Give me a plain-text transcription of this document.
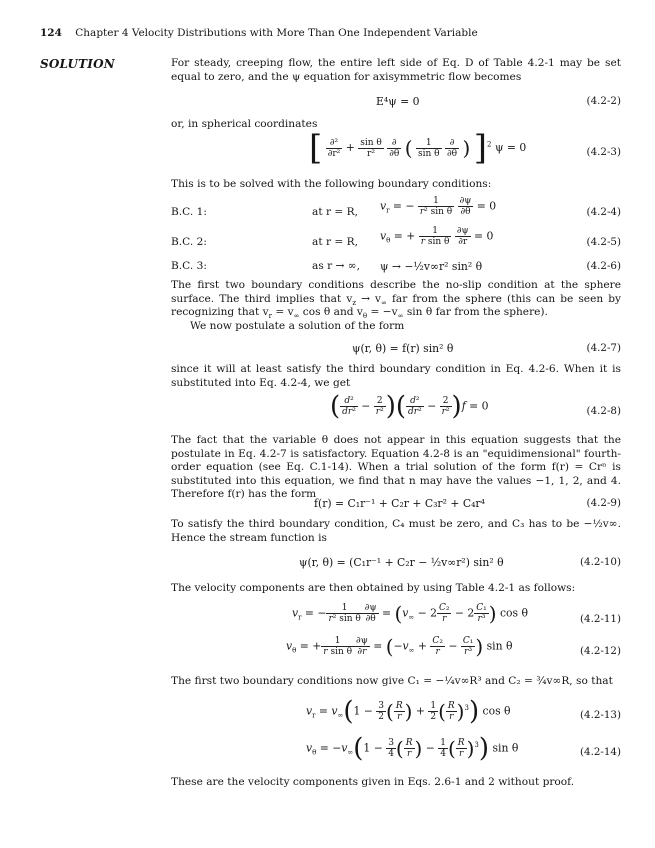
124 Chapter 4 Velocity Distributions with More Than One Independent Variable
SOLUTION	For steady, creeping flow, the entire left side of Eq. D of Table 4.2-1 may be set equal to zero, and the ψ equation for axisymmetric flow becomes
E⁴ψ = 0	(4.2-2)
or, in spherical coordinates
[ $\frac{\text{∂²}}{\text{∂r²}} + \frac{\text{sin θ}}{\text{r²}}$
$\frac{\partial}{\partial\theta}$ ( $\frac{1}{\text{sin θ}}$
$\frac{\partial}{\partial\theta}$ ) ]$^2$ ψ = 0	(4.2-3)
This is to be solved with the following boundary conditions:
B.C. 1:	at r = R, $v_r$ = − $\frac{1}{\text{r² sin θ}}$
$\frac{\partial\psi}{\partial\theta} = 0$	(4.2-4)
B.C. 2:	at r = R, $v_\theta$ = + $\frac{1}{\text{r sin θ}}$
$\frac{\partial\psi}{\partial r} = 0$	(4.2-5)
B.C. 3:	as r → ∞, ψ → −½v∞r² sin² θ	(4.2-6)
The first two boundary conditions describe the no-slip condition at the sphere surface. The third implies that $v_z \to v_\infty$ far from the sphere (this can be seen by recognizing that $v_r = v_\infty$ cos θ and $v_\theta = -v_\infty$ sin θ far from the sphere).
We now postulate a solution of the form
ψ(r, θ) = f(r) sin² θ	(4.2-7)
since it will at least satisfy the third boundary condition in Eq. 4.2-6. When it is substituted into Eq. 4.2-4, we get
( $\frac{\text{d²}}{\text{dr²}} - \frac{2}{\text{r²}}$ )( $\frac{\text{d²}}{\text{dr²}} - \frac{2}{\text{r²}} )f = 0$	(4.2-8)
The fact that the variable θ does not appear in this equation suggests that the postulate in Eq. 4.2-7 is satisfactory. Equation 4.2-8 is an "equidimensional" fourth-order equation (see Eq. C.1-14). When a trial solution of the form f(r) = Crⁿ is substituted into this equation, we find that n may have the values −1, 1, 2, and 4. Therefore f(r) has the form
f(r) = C₁r⁻¹ + C₂r + C₃r² + C₄r⁴	(4.2-9)
To satisfy the third boundary condition, C₄ must be zero, and C₃ has to be −½v∞. Hence the stream function is
ψ(r, θ) = (C₁r⁻¹ + C₂r − ½v∞r²) sin² θ	(4.2-10)
The velocity components are then obtained by using Table 4.2-1 as follows:
$v_r$ = − $\frac{1}{\text{r² sin θ}} \frac{\partial\psi}{\partial\theta} = (v_\infty - 2 \frac{\text{C₂}}{r} - 2 \frac{\text{C₁}}{\text{r³}}$ ) cos θ	(4.2-11)
$v_\theta$ = + $\frac{1}{\text{r sin θ}} \frac{\partial\psi}{\partial r} = (-v_\infty + \frac{\text{C₂}}{r} - \frac{\text{C₁}}{\text{r³}}$ ) sin θ	(4.2-12)
The first two boundary conditions now give C₁ = −¼v∞R³ and C₂ = ¾v∞R, so that
$v_r = v_\infty(1 - \frac{3}{2}$ ( $\frac{R}{r}$ ) + $\frac{1}{2}$ ( $\frac{R}{r} )^3$) cos θ	(4.2-13)
$v_\theta = -v_\infty(1 - \frac{3}{4}$ ( $\frac{R}{r}$ ) − $\frac{1}{4}$ ( $\frac{R}{r} )^3$) sin θ	(4.2-14)
These are the velocity components given in Eqs. 2.6-1 and 2 without proof.
